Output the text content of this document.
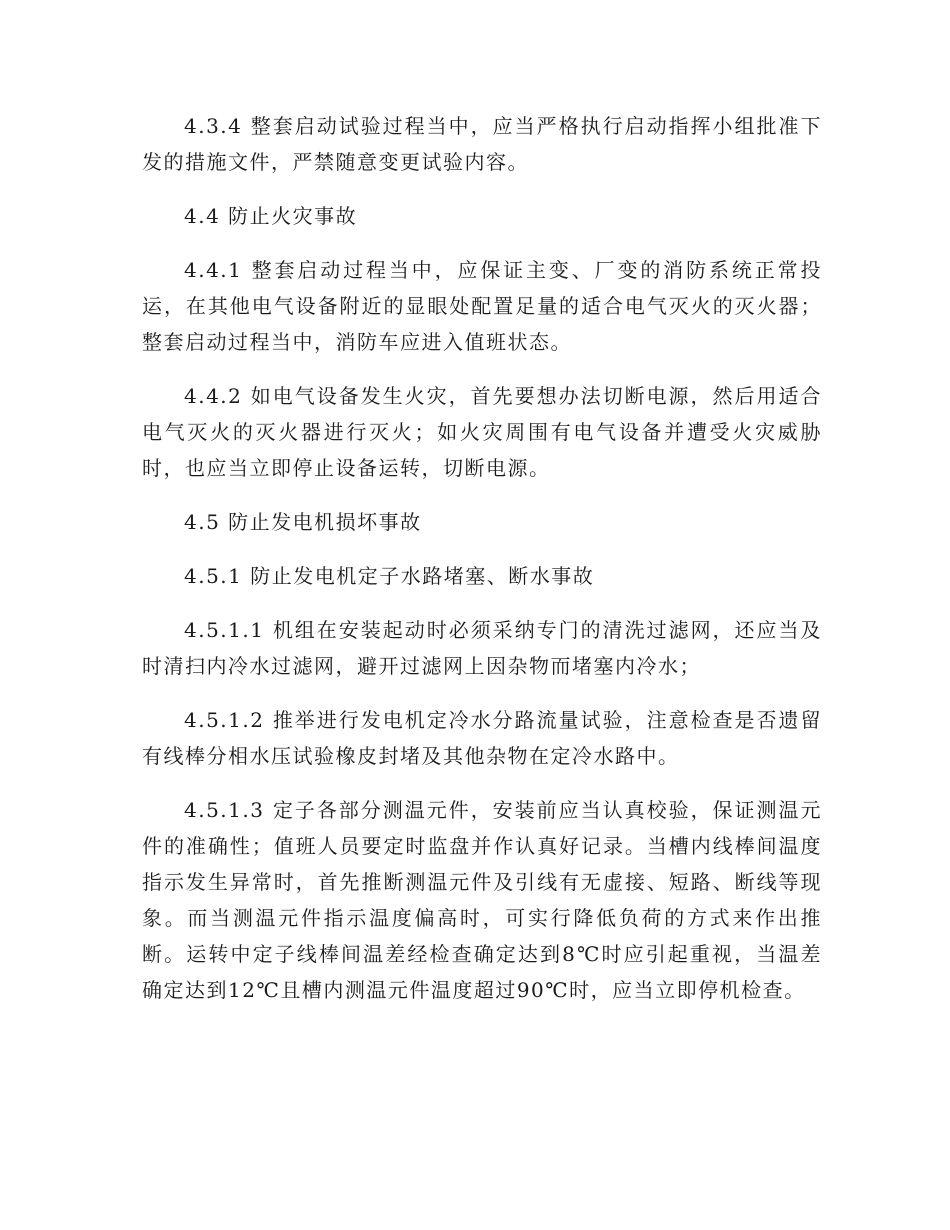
4.3.4 整套启动试验过程当中，应当严格执行启动指挥小组批准下发的措施文件，严禁随意变更试验内容。

4.4 防止火灾事故

4.4.1 整套启动过程当中，应保证主变、厂变的消防系统正常投运，在其他电气设备附近的显眼处配置足量的适合电气灭火的灭火器；整套启动过程当中，消防车应进入值班状态。

4.4.2 如电气设备发生火灾，首先要想办法切断电源，然后用适合电气灭火的灭火器进行灭火；如火灾周围有电气设备并遭受火灾威胁时，也应当立即停止设备运转，切断电源。

4.5 防止发电机损坏事故

4.5.1 防止发电机定子水路堵塞、断水事故

4.5.1.1 机组在安装起动时必须采纳专门的清洗过滤网，还应当及时清扫内冷水过滤网，避开过滤网上因杂物而堵塞内冷水；

4.5.1.2 推举进行发电机定冷水分路流量试验，注意检查是否遗留有线棒分相水压试验橡皮封堵及其他杂物在定冷水路中。

4.5.1.3 定子各部分测温元件，安装前应当认真校验，保证测温元件的准确性；值班人员要定时监盘并作认真好记录。当槽内线棒间温度指示发生异常时，首先推断测温元件及引线有无虚接、短路、断线等现象。而当测温元件指示温度偏高时，可实行降低负荷的方式来作出推断。运转中定子线棒间温差经检查确定达到8℃时应引起重视，当温差确定达到12℃且槽内测温元件温度超过90℃时，应当立即停机检查。
